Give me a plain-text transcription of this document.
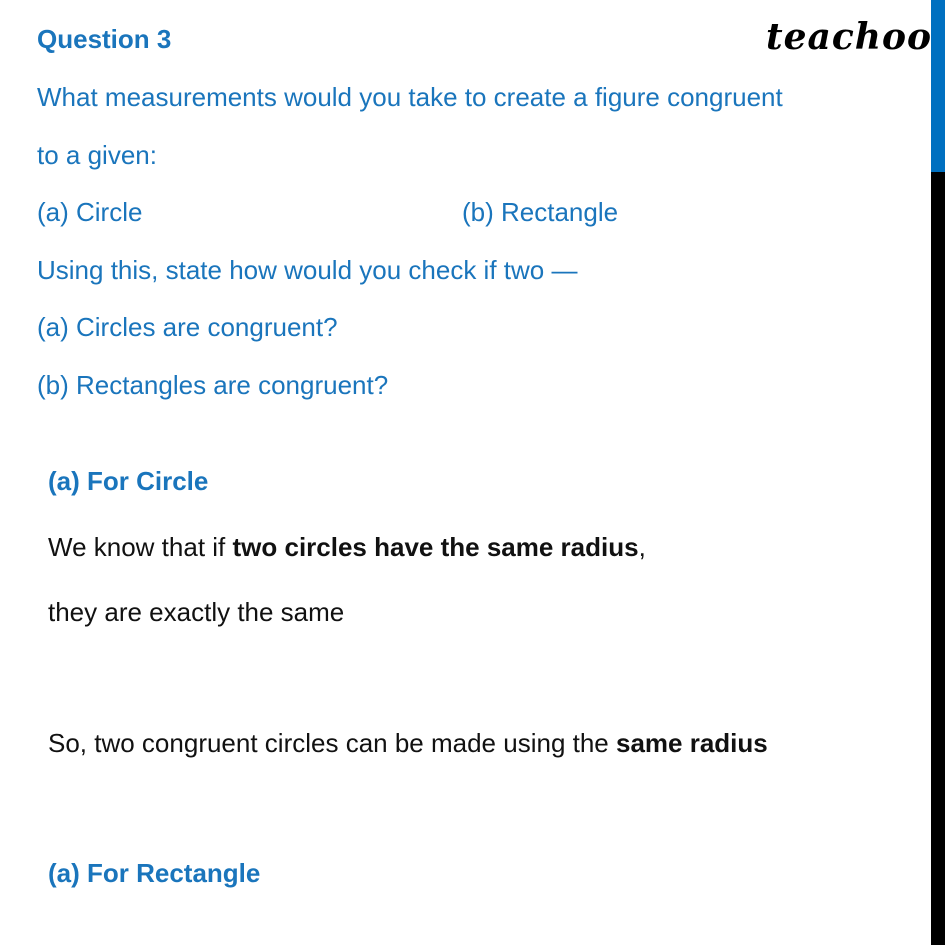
teachoo
Question 3
What measurements would you take to create a figure congruent
to a given:
(a) Circle	(b) Rectangle
Using this, state how would you check if two —
(a) Circles are congruent?
(b) Rectangles are congruent?
(a) For Circle
We know that if two circles have the same radius,
they are exactly the same
So, two congruent circles can be made using the same radius
(a) For Rectangle
